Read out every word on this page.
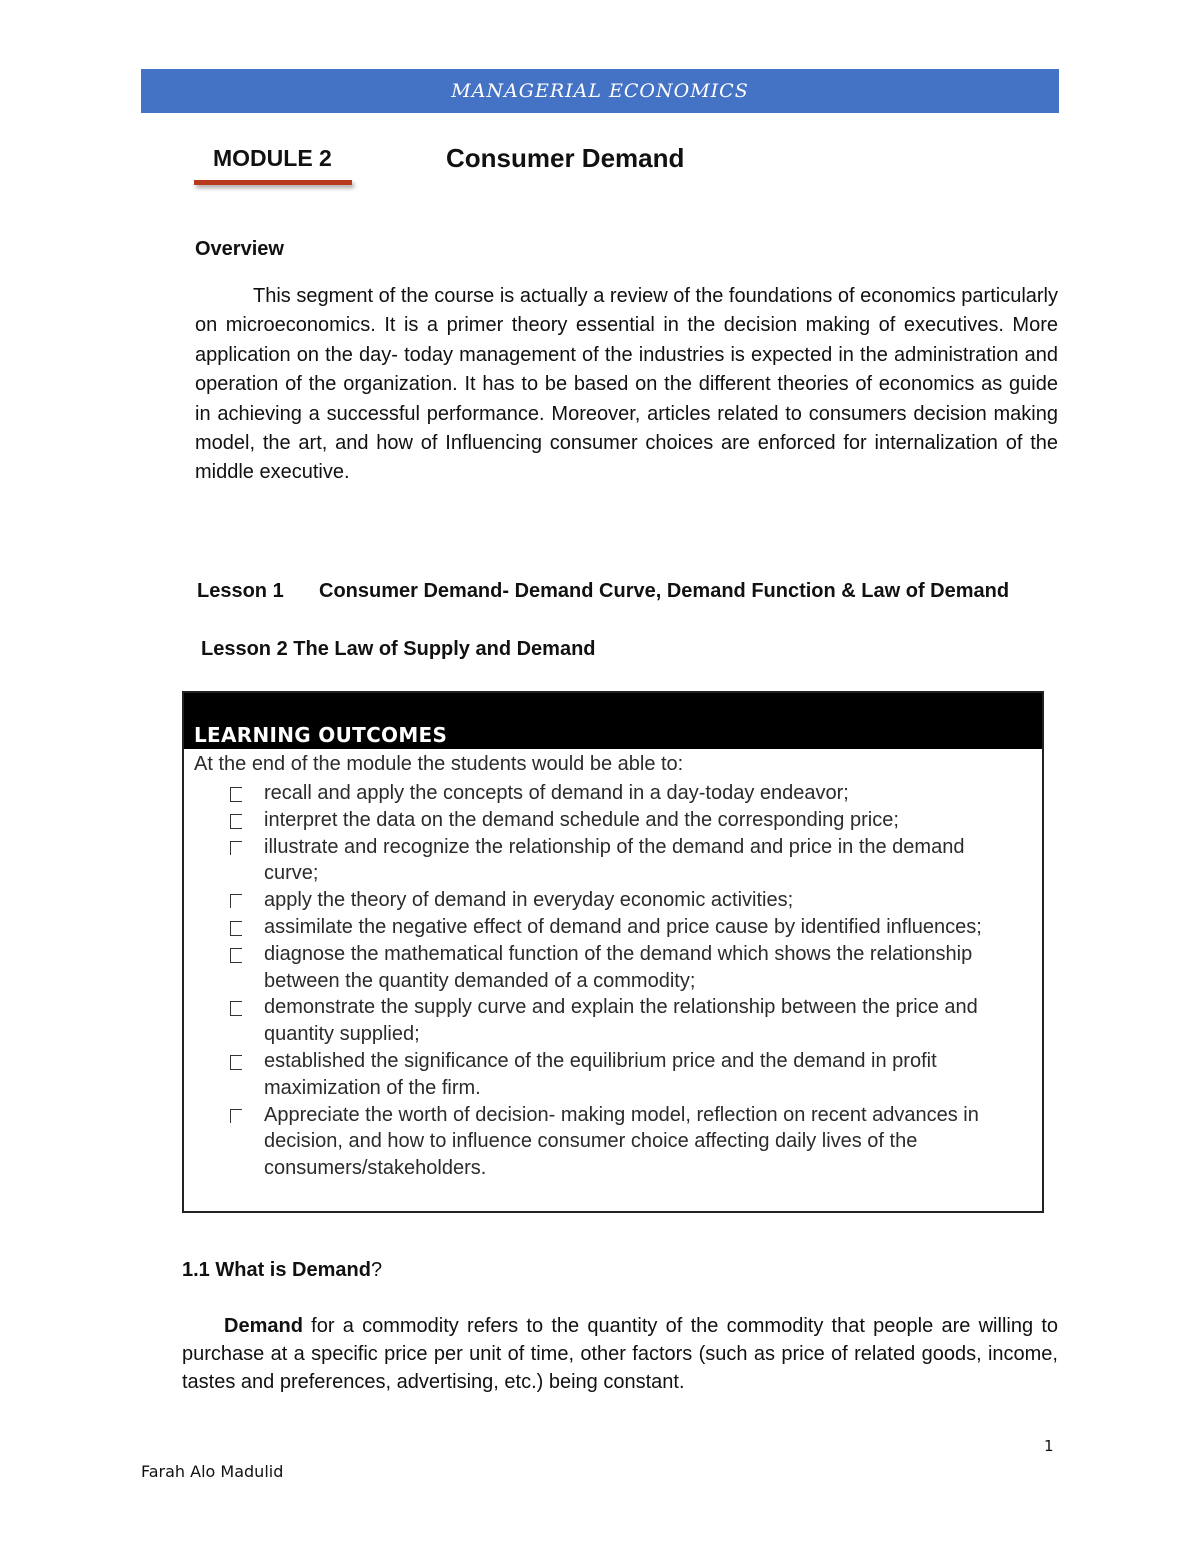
MANAGERIAL ECONOMICS
MODULE 2	Consumer Demand
Overview

This segment of the course is actually a review of the foundations of economics particularly on microeconomics. It is a primer theory essential in the decision making of executives. More application on the day- today management of the industries is expected in the administration and operation of the organization. It has to be based on the different theories of economics as guide in achieving a successful performance. Moreover, articles related to consumers decision making model, the art, and how of Influencing consumer choices are enforced for internalization of the middle executive.

Lesson 1	Consumer Demand- Demand Curve, Demand Function & Law of Demand
Lesson 2 The Law of Supply and Demand
LEARNING OUTCOMES
At the end of the module the students would be able to:
recall and apply the concepts of demand in a day-today endeavor;
interpret the data on the demand schedule and the corresponding price;
illustrate and recognize the relationship of the demand and price in the demand curve;
apply the theory of demand in everyday economic activities;
assimilate the negative effect of demand and price cause by identified influences;
diagnose the mathematical function of the demand which shows the relationship between the quantity demanded of a commodity;
demonstrate the supply curve and explain the relationship between the price and quantity supplied;
established the significance of the equilibrium price and the demand in profit maximization of the firm.
Appreciate the worth of decision- making model, reflection on recent advances in decision, and how to influence consumer choice affecting daily lives of the consumers/stakeholders.
1.1 What is Demand?

Demand for a commodity refers to the quantity of the commodity that people are willing to purchase at a specific price per unit of time, other factors (such as price of related goods, income, tastes and preferences, advertising, etc.) being constant.

1
Farah Alo Madulid
